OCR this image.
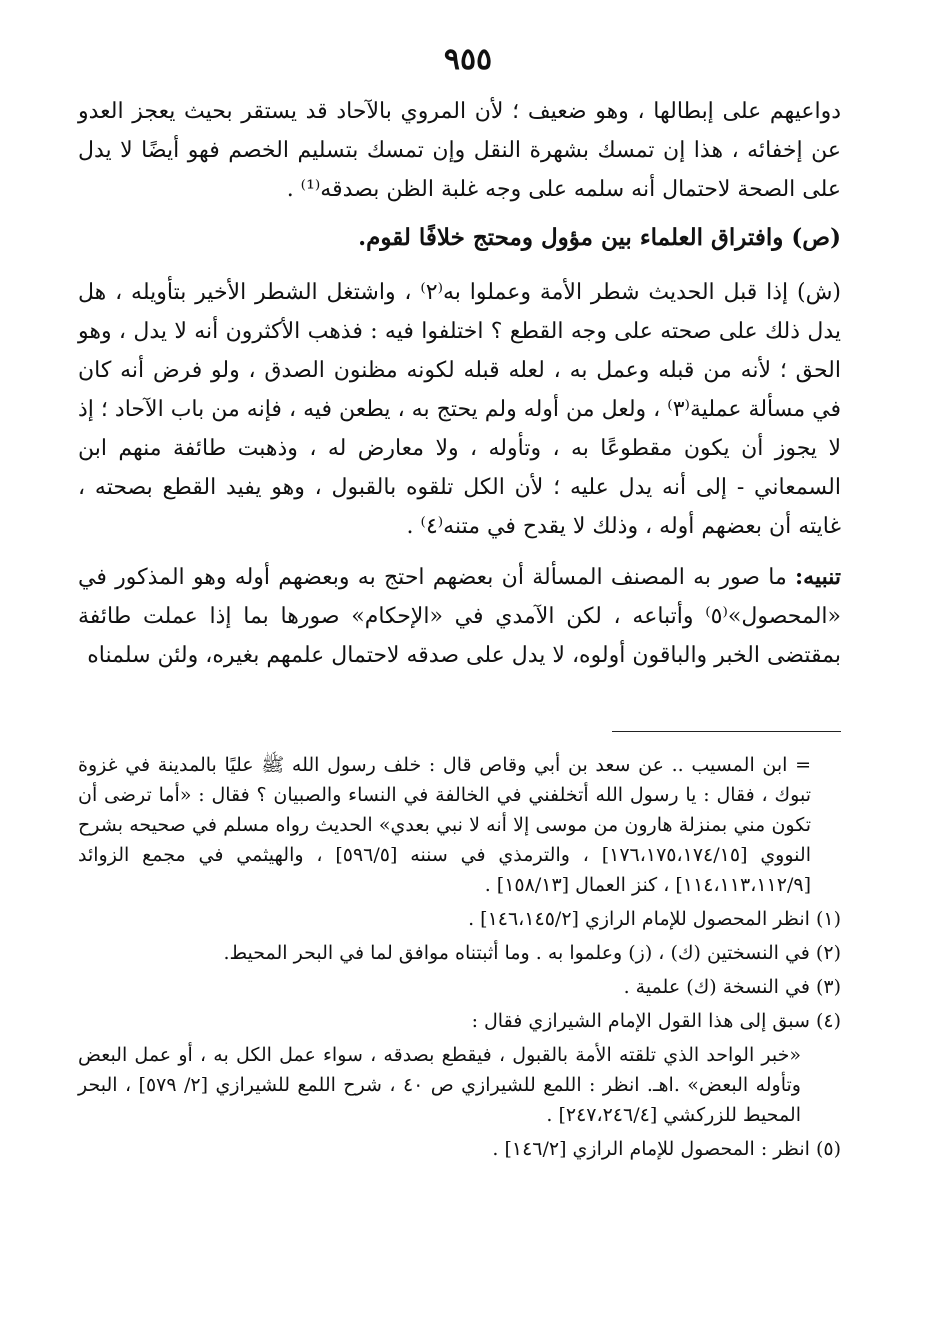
٩٥٥

دواعيهم على إبطالها ، وهو ضعيف ؛ لأن المروي بالآحاد قد يستقر بحيث يعجز العدو عن إخفائه ، هذا إن تمسك بشهرة النقل وإن تمسك بتسليم الخصم فهو أيضًا لا يدل على الصحة لاحتمال أنه سلمه على وجه غلبة الظن بصدقه⁽¹⁾ .

(ص) وافتراق العلماء بين مؤول ومحتج خلافًا لقوم.

(ش) إذا قبل الحديث شطر الأمة وعملوا به⁽٢⁾ ، واشتغل الشطر الأخير بتأويله ، هل يدل ذلك على صحته على وجه القطع ؟ اختلفوا فيه : فذهب الأكثرون أنه لا يدل ، وهو الحق ؛ لأنه من قبله وعمل به ، لعله قبله لكونه مظنون الصدق ، ولو فرض أنه كان في مسألة عملية⁽٣⁾ ، ولعل من أوله ولم يحتج به ، يطعن فيه ، فإنه من باب الآحاد ؛ إذ لا يجوز أن يكون مقطوعًا به ، وتأوله ، ولا معارض له ، وذهبت طائفة منهم ابن السمعاني - إلى أنه يدل عليه ؛ لأن الكل تلقوه بالقبول ، وهو يفيد القطع بصحته ، غايته أن بعضهم أوله ، وذلك لا يقدح في متنه⁽٤⁾ .

تنبيه: ما صور به المصنف المسألة أن بعضهم احتج به وبعضهم أوله وهو المذكور في «المحصول»⁽٥⁾ وأتباعه ، لكن الآمدي في «الإحكام» صورها بما إذا عملت طائفة بمقتضى الخبر والباقون أولوه، لا يدل على صدقه لاحتمال علمهم بغيره، ولئن سلمناه

= ابن المسيب .. عن سعد بن أبي وقاص قال : خلف رسول الله ﷺ عليًا بالمدينة في غزوة تبوك ، فقال : يا رسول الله أتخلفني في الخالفة في النساء والصبيان ؟ فقال : «أما ترضى أن تكون مني بمنزلة هارون من موسى إلا أنه لا نبي بعدي» الحديث رواه مسلم في صحيحه بشرح النووي [١٧٦،١٧٥،١٧٤/١٥] ، والترمذي في سننه [٥٩٦/٥] ، والهيثمي في مجمع الزوائد [١١٤،١١٣،١١٢/٩] ، كنز العمال [١٥٨/١٣] .

(١) انظر المحصول للإمام الرازي [١٤٦،١٤٥/٢] .

(٢) في النسختين (ك) ، (ز) وعلموا به . وما أثبتناه موافق لما في البحر المحيط.

(٣) في النسخة (ك) علمية .

(٤) سبق إلى هذا القول الإمام الشيرازي فقال :

«خبر الواحد الذي تلقته الأمة بالقبول ، فيقطع بصدقه ، سواء عمل الكل به ، أو عمل البعض وتأوله البعض» .اهـ. انظر : اللمع للشيرازي ص ٤٠ ، شرح اللمع للشيرازي [٢/ ٥٧٩] ، البحر المحيط للزركشي [٢٤٧،٢٤٦/٤] .

(٥) انظر : المحصول للإمام الرازي [١٤٦/٢] .
